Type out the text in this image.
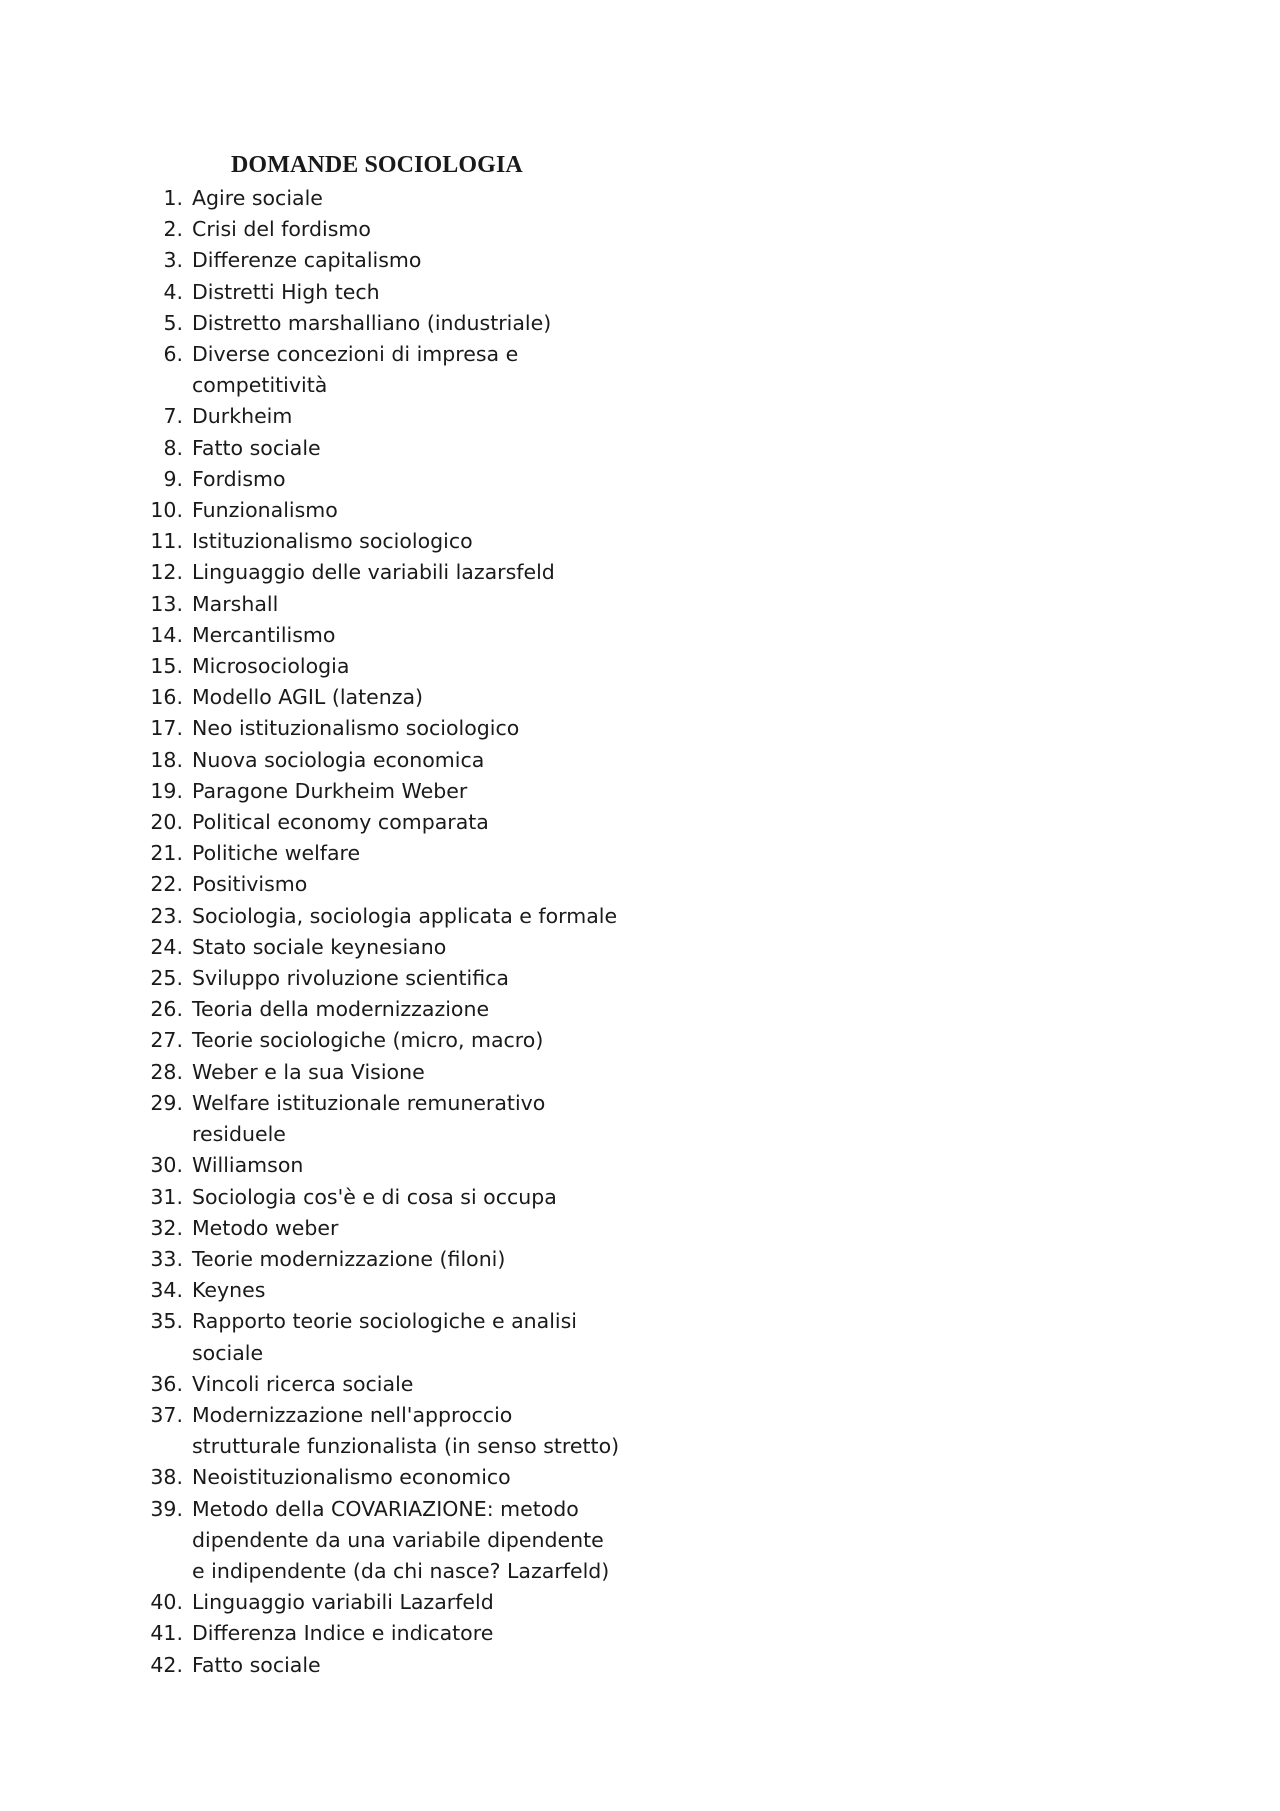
DOMANDE SOCIOLOGIA
1. Agire sociale
2. Crisi del fordismo
3. Differenze capitalismo
4. Distretti High tech
5. Distretto marshalliano (industriale)
6. Diverse concezioni di impresa e competitività
7. Durkheim
8. Fatto sociale
9. Fordismo
10. Funzionalismo
11. Istituzionalismo sociologico
12. Linguaggio delle variabili lazarsfeld
13. Marshall
14. Mercantilismo
15. Microsociologia
16. Modello AGIL (latenza)
17. Neo istituzionalismo sociologico
18. Nuova sociologia economica
19. Paragone Durkheim Weber
20. Political economy comparata
21. Politiche welfare
22. Positivismo
23. Sociologia, sociologia applicata e formale
24. Stato sociale keynesiano
25. Sviluppo rivoluzione scientifica
26. Teoria della modernizzazione
27. Teorie sociologiche (micro, macro)
28. Weber e la sua Visione
29. Welfare istituzionale remunerativo residuele
30. Williamson
31. Sociologia cos'è e di cosa si occupa
32. Metodo weber
33. Teorie modernizzazione (filoni)
34. Keynes
35. Rapporto teorie sociologiche e analisi sociale
36. Vincoli ricerca sociale
37. Modernizzazione nell'approccio strutturale funzionalista (in senso stretto)
38. Neoistituzionalismo economico
39. Metodo della COVARIAZIONE: metodo dipendente da una variabile dipendente e indipendente (da chi nasce? Lazarfeld)
40. Linguaggio variabili Lazarfeld
41. Differenza Indice e indicatore
42. Fatto sociale
